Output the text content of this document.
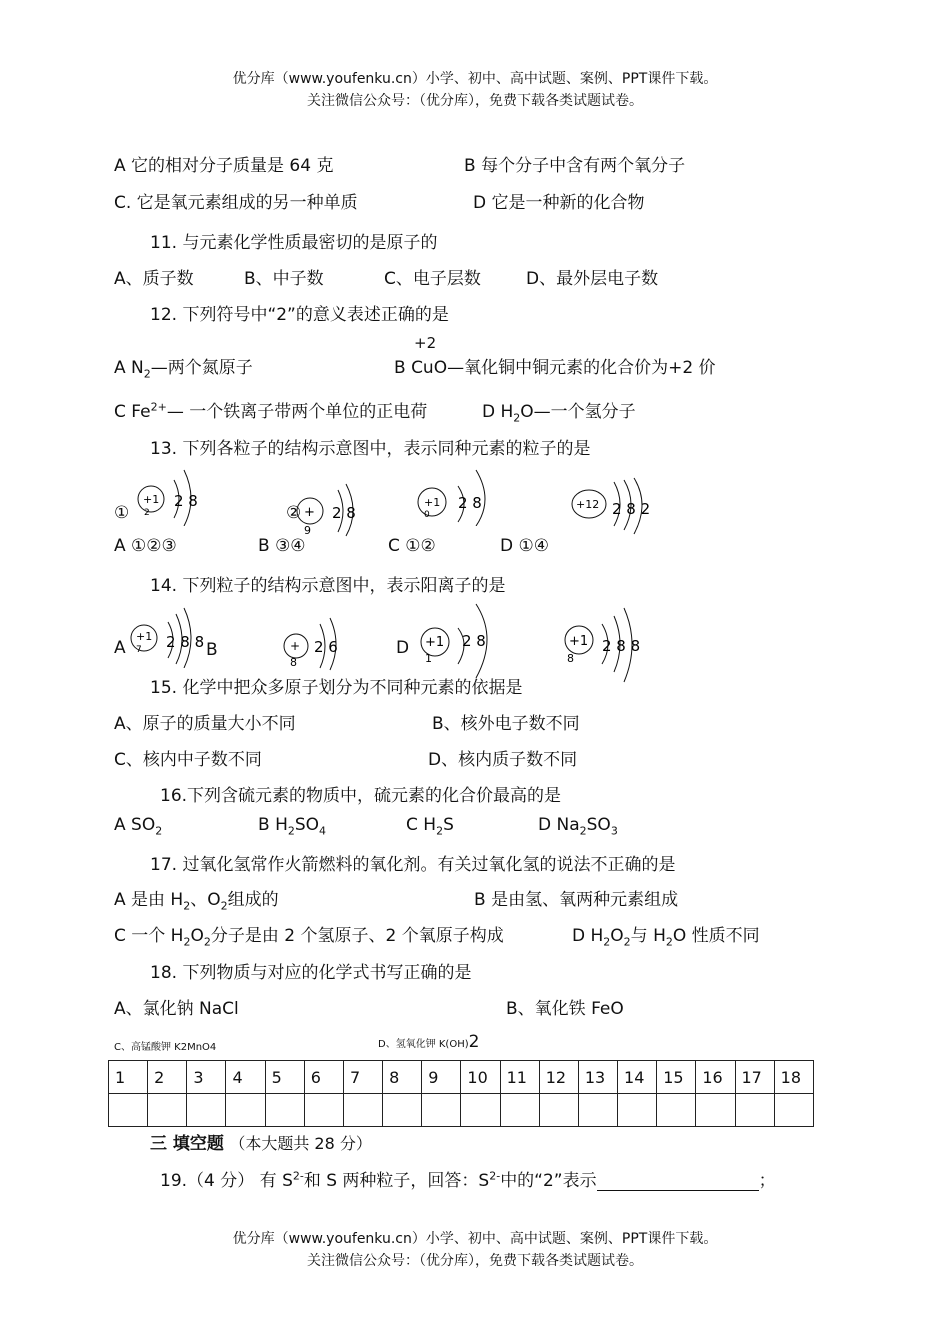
优分库（www.youfenku.cn）小学、初中、高中试题、案例、PPT课件下载。
关注微信公众号：（优分库），免费下载各类试题试卷。
A 它的相对分子质量是 64 克	B 每个分子中含有两个氧分子
C. 它是氧元素组成的另一种单质	D 它是一种新的化合物
11. 与元素化学性质最密切的是原子的
A、质子数	B、中子数	C、电子层数	D、最外层电子数
12. 下列符号中“2”的意义表述正确的是
+2
A $N_2—$两个氮原子	B CuO—氧化铜中铜元素的化合价为+2 价
C $Fe^{2+}—$ 一个铁离子带两个单位的正电荷	D $H_2O—$一个氢分子
13. 下列各粒子的结构示意图中，表示同种元素的粒子的是
①
+1
2
2 8
② +
9
2 8
+1
0
2 8	+12 2 8 2
A ①②③	B ③④	C ①②	D ①④
14. 下列粒子的结构示意图中，表示阳离子的是
A
+1
7 2 8 8 B	+
8
2 6	D +1
1
2 8	+1
8
2 8 8
15. 化学中把众多原子划分为不同种元素的依据是
A、原子的质量大小不同	B、核外电子数不同
C、核内中子数不同	D、核内质子数不同
16.下列含硫元素的物质中，硫元素的化合价最高的是
A $SO_2$	B $H_2SO_4$	C $H_2S$	D $Na_2SO_3$
17. 过氧化氢常作火箭燃料的氧化剂。有关过氧化氢的说法不正确的是
A 是由 $H_2$、$O_2$组成的	B 是由氢、氧两种元素组成
C 一个 $H_2O_2$分子是由 2 个氢原子、2 个氧原子构成	D $H_2O_2$与 $H_2O$ 性质不同
18. 下列物质与对应的化学式书写正确的是
A、氯化钠 NaCl	B、氧化铁 FeO
C、高锰酸钾 K2MnO4	D、氢氧化钾 K(OH)2
1	2	3	4	5	6	7	8	9	10	11	12	13	14	15	16	17	18

三 填空题 （本大题共 28 分）
19.（4 分） 有 $S^{2-}$和 S 两种粒子，回答：$S^{2-}$中的“2”表示	；
优分库（www.youfenku.cn）小学、初中、高中试题、案例、PPT课件下载。
关注微信公众号：（优分库），免费下载各类试题试卷。
